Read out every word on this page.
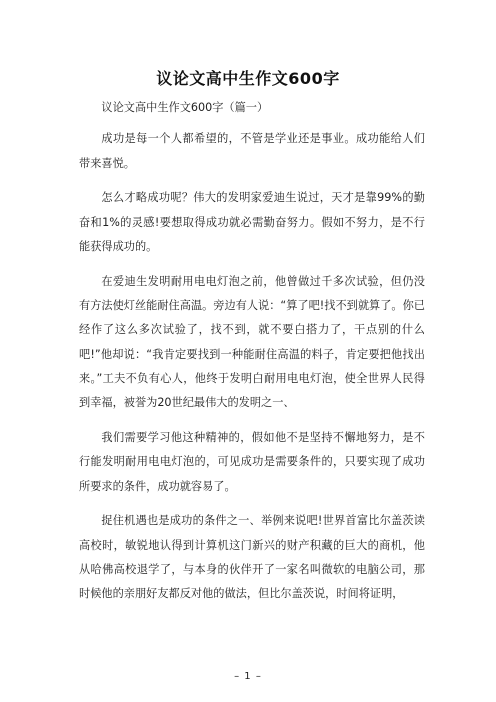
议论文高中生作文600字

议论文高中生作文600字（篇一）

成功是每一个人都希望的，不管是学业还是事业。成功能给人们带来喜悦。

怎么才略成功呢？伟大的发明家爱迪生说过，天才是靠99%的勤奋和1%的灵感!要想取得成功就必需勤奋努力。假如不努力，是不行能获得成功的。

在爱迪生发明耐用电电灯泡之前，他曾做过千多次试验，但仍没有方法使灯丝能耐住高温。旁边有人说：“算了吧!找不到就算了。你已经作了这么多次试验了，找不到，就不要白搭力了，干点别的什么吧!”他却说：“我肯定要找到一种能耐住高温的料子，肯定要把他找出来。”工夫不负有心人，他终于发明白耐用电电灯泡，使全世界人民得到幸福，被誉为20世纪最伟大的发明之一、

我们需要学习他这种精神的，假如他不是坚持不懈地努力，是不行能发明耐用电电灯泡的，可见成功是需要条件的，只要实现了成功所要求的条件，成功就容易了。

捉住机遇也是成功的条件之一、举例来说吧!世界首富比尔盖茨读高校时，敏锐地认得到计算机这门新兴的财产积藏的巨大的商机，他从哈佛高校退学了，与本身的伙伴开了一家名叫微软的电脑公司，那时候他的亲朋好友都反对他的做法，但比尔盖茨说，时间将证明，

– 1 –
